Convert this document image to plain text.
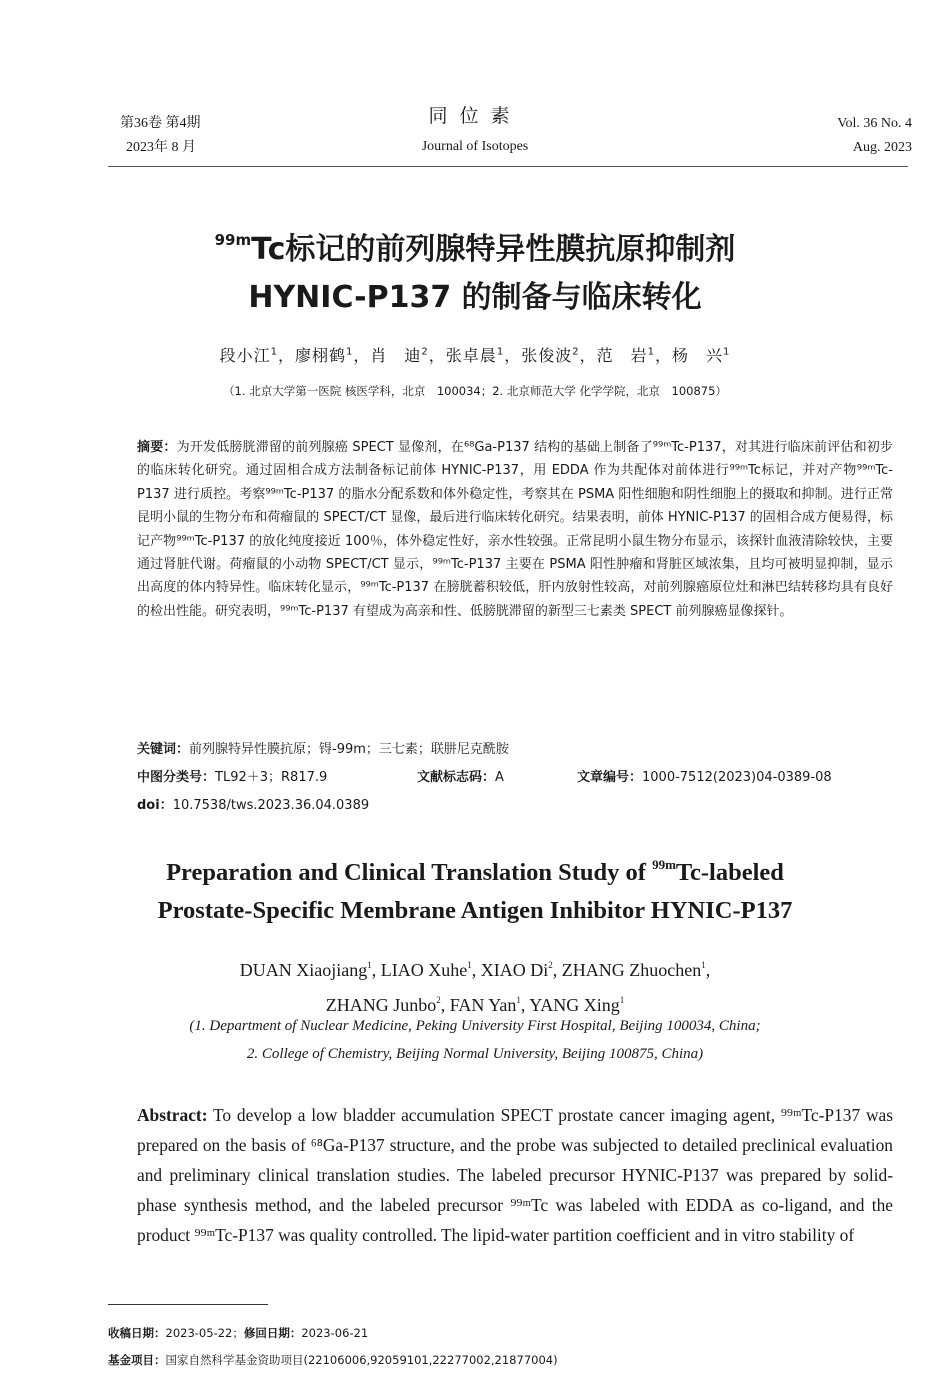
第36卷 第4期
2023年 8 月
同位素
Journal of Isotopes
Vol. 36 No. 4
Aug. 2023
$^{99m}$Tc标记的前列腺特异性膜抗原抑制剂
HYNIC-P137 的制备与临床转化
段小江$^1$，廖栩鹤$^1$，肖　迪$^2$，张卓晨$^1$，张俊波$^2$，范　岩$^1$，杨　兴$^1$
（1. 北京大学第一医院 核医学科，北京　100034；2. 北京师范大学 化学学院，北京　100875）
摘要：为开发低膀胱滞留的前列腺癌 SPECT 显像剂，在⁶⁸Ga-P137 结构的基础上制备了⁹⁹ᵐTc-P137，对其进行临床前评估和初步的临床转化研究。通过固相合成方法制备标记前体 HYNIC-P137，用 EDDA 作为共配体对前体进行⁹⁹ᵐTc标记，并对产物⁹⁹ᵐTc-P137 进行质控。考察⁹⁹ᵐTc-P137 的脂水分配系数和体外稳定性，考察其在 PSMA 阳性细胞和阴性细胞上的摄取和抑制。进行正常昆明小鼠的生物分布和荷瘤鼠的 SPECT/CT 显像，最后进行临床转化研究。结果表明，前体 HYNIC-P137 的固相合成方便易得，标记产物⁹⁹ᵐTc-P137 的放化纯度接近 100％，体外稳定性好，亲水性较强。正常昆明小鼠生物分布显示，该探针血液清除较快，主要通过肾脏代谢。荷瘤鼠的小动物 SPECT/CT 显示，⁹⁹ᵐTc-P137 主要在 PSMA 阳性肿瘤和肾脏区域浓集，且均可被明显抑制，显示出高度的体内特异性。临床转化显示，⁹⁹ᵐTc-P137 在膀胱蓄积较低，肝内放射性较高，对前列腺癌原位灶和淋巴结转移均具有良好的检出性能。研究表明，⁹⁹ᵐTc-P137 有望成为高亲和性、低膀胱滞留的新型三七素类 SPECT 前列腺癌显像探针。
关键词：前列腺特异性膜抗原；锝-99m；三七素；联肼尼克酰胺
中图分类号：TL92＋3；R817.9	文献标志码：A	文章编号：1000-7512(2023)04-0389-08
doi：10.7538/tws.2023.36.04.0389
Preparation and Clinical Translation Study of $^{99m}$Tc-labeled
Prostate-Specific Membrane Antigen Inhibitor HYNIC-P137
DUAN Xiaojiang$^1$, LIAO Xuhe$^1$, XIAO Di$^2$, ZHANG Zhuochen$^1$,
ZHANG Junbo$^2$, FAN Yan$^1$, YANG Xing$^1$
(1. Department of Nuclear Medicine, Peking University First Hospital, Beijing 100034, China;
2. College of Chemistry, Beijing Normal University, Beijing 100875, China)
Abstract: To develop a low bladder accumulation SPECT prostate cancer imaging agent, ⁹⁹ᵐTc-P137 was prepared on the basis of ⁶⁸Ga-P137 structure, and the probe was subjected to detailed preclinical evaluation and preliminary clinical translation studies. The labeled precursor HYNIC-P137 was prepared by solid-phase synthesis method, and the labeled precursor ⁹⁹ᵐTc was labeled with EDDA as co-ligand, and the product ⁹⁹ᵐTc-P137 was quality controlled. The lipid-water partition coefficient and in vitro stability of
收稿日期：2023-05-22；修回日期：2023-06-21
基金项目：国家自然科学基金资助项目(22106006,92059101,22277002,21877004)
